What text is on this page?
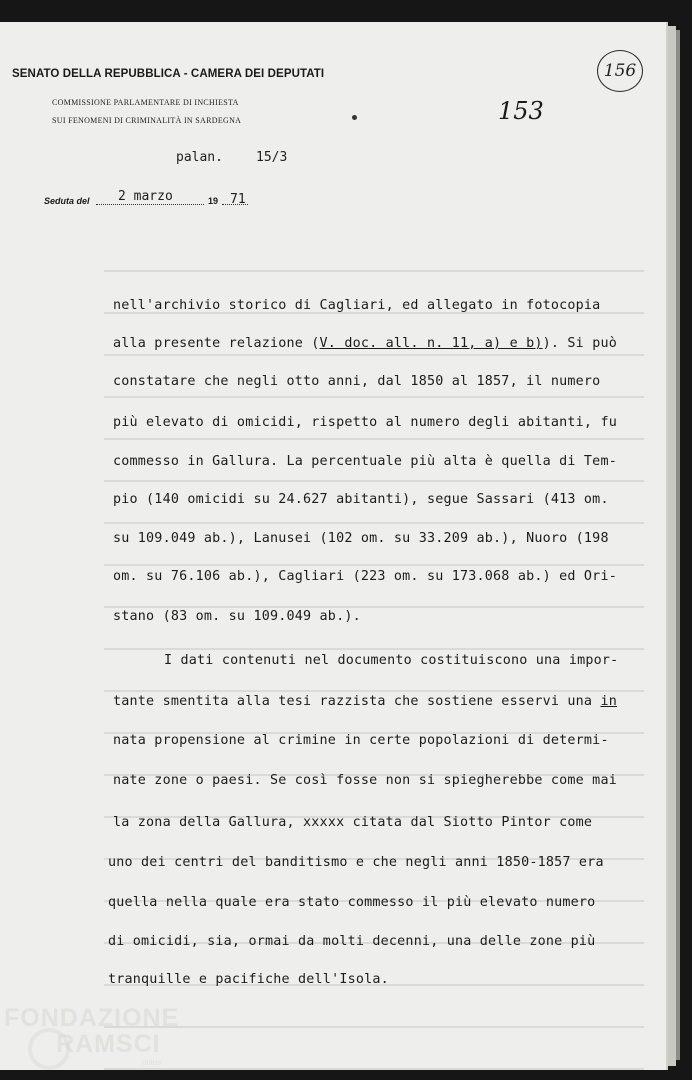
SENATO DELLA REPUBBLICA - CAMERA DEI DEPUTATI
COMMISSIONE PARLAMENTARE DI INCHIESTA
SUI FENOMENI DI CRIMINALITÀ IN SARDEGNA
156
153
palan.	15/3
Seduta del 2 marzo	19 71
nell'archivio storico di Cagliari, ed allegato in fotocopia
alla presente relazione (V. doc. all. n. 11, a) e b)). Si può
constatare che negli otto anni, dal 1850 al 1857, il numero
più elevato di omicidi, rispetto al numero degli abitanti, fu
commesso in Gallura. La percentuale più alta è quella di Tem-
pio (140 omicidi su 24.627 abitanti), segue Sassari (413 om.
su 109.049 ab.), Lanusei (102 om. su 33.209 ab.), Nuoro (198
om. su 76.106 ab.), Cagliari (223 om. su 173.068 ab.) ed Ori-
stano (83 om. su 109.049 ab.).
I dati contenuti nel documento costituiscono una impor-
tante smentita alla tesi razzista che sostiene esservi una in
nata propensione al crimine in certe popolazioni di determi-
nate zone o paesi. Se così fosse non si spiegherebbe come mai
la zona della Gallura, xxxxx citata dal Siotto Pintor come
uno dei centri del banditismo e che negli anni 1850-1857 era
quella nella quale era stato commesso il più elevato numero
di omicidi, sia, ormai da molti decenni, una delle zone più
tranquille e pacifiche dell'Isola.
FONDAZIONE
RAMSCI
onlus
